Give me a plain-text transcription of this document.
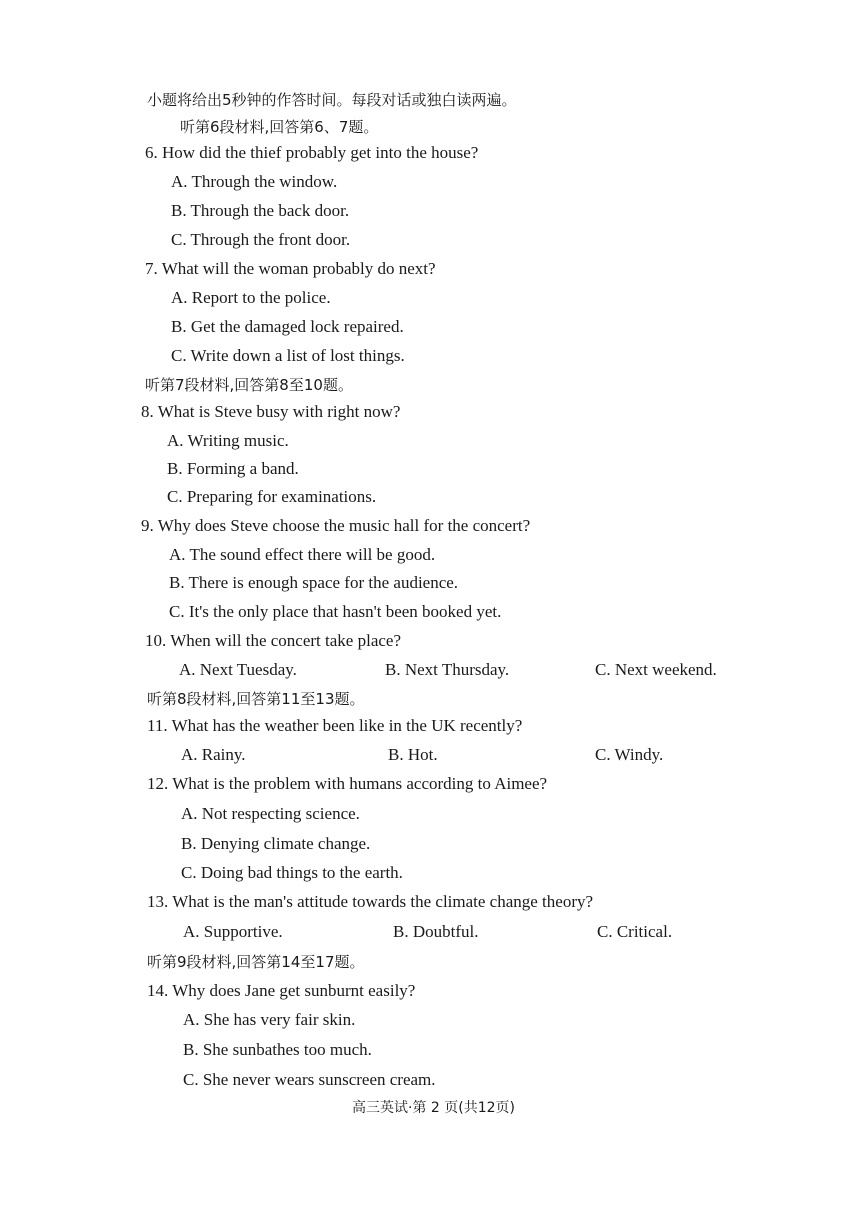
小题将给出5秒钟的作答时间。每段对话或独白读两遍。
听第6段材料,回答第6、7题。
6. How did the thief probably get into the house?
A. Through the window.
B. Through the back door.
C. Through the front door.
7. What will the woman probably do next?
A. Report to the police.
B. Get the damaged lock repaired.
C. Write down a list of lost things.
听第7段材料,回答第8至10题。
8. What is Steve busy with right now?
A. Writing music.
B. Forming a band.
C. Preparing for examinations.
9. Why does Steve choose the music hall for the concert?
A. The sound effect there will be good.
B. There is enough space for the audience.
C. It's the only place that hasn't been booked yet.
10. When will the concert take place?
A. Next Tuesday.	B. Next Thursday.	C. Next weekend.
听第8段材料,回答第11至13题。
11. What has the weather been like in the UK recently?
A. Rainy.	B. Hot.	C. Windy.
12. What is the problem with humans according to Aimee?
A. Not respecting science.
B. Denying climate change.
C. Doing bad things to the earth.
13. What is the man's attitude towards the climate change theory?
A. Supportive.	B. Doubtful.	C. Critical.
听第9段材料,回答第14至17题。
14. Why does Jane get sunburnt easily?
A. She has very fair skin.
B. She sunbathes too much.
C. She never wears sunscreen cream.
高三英试·第 2 页(共12页)
